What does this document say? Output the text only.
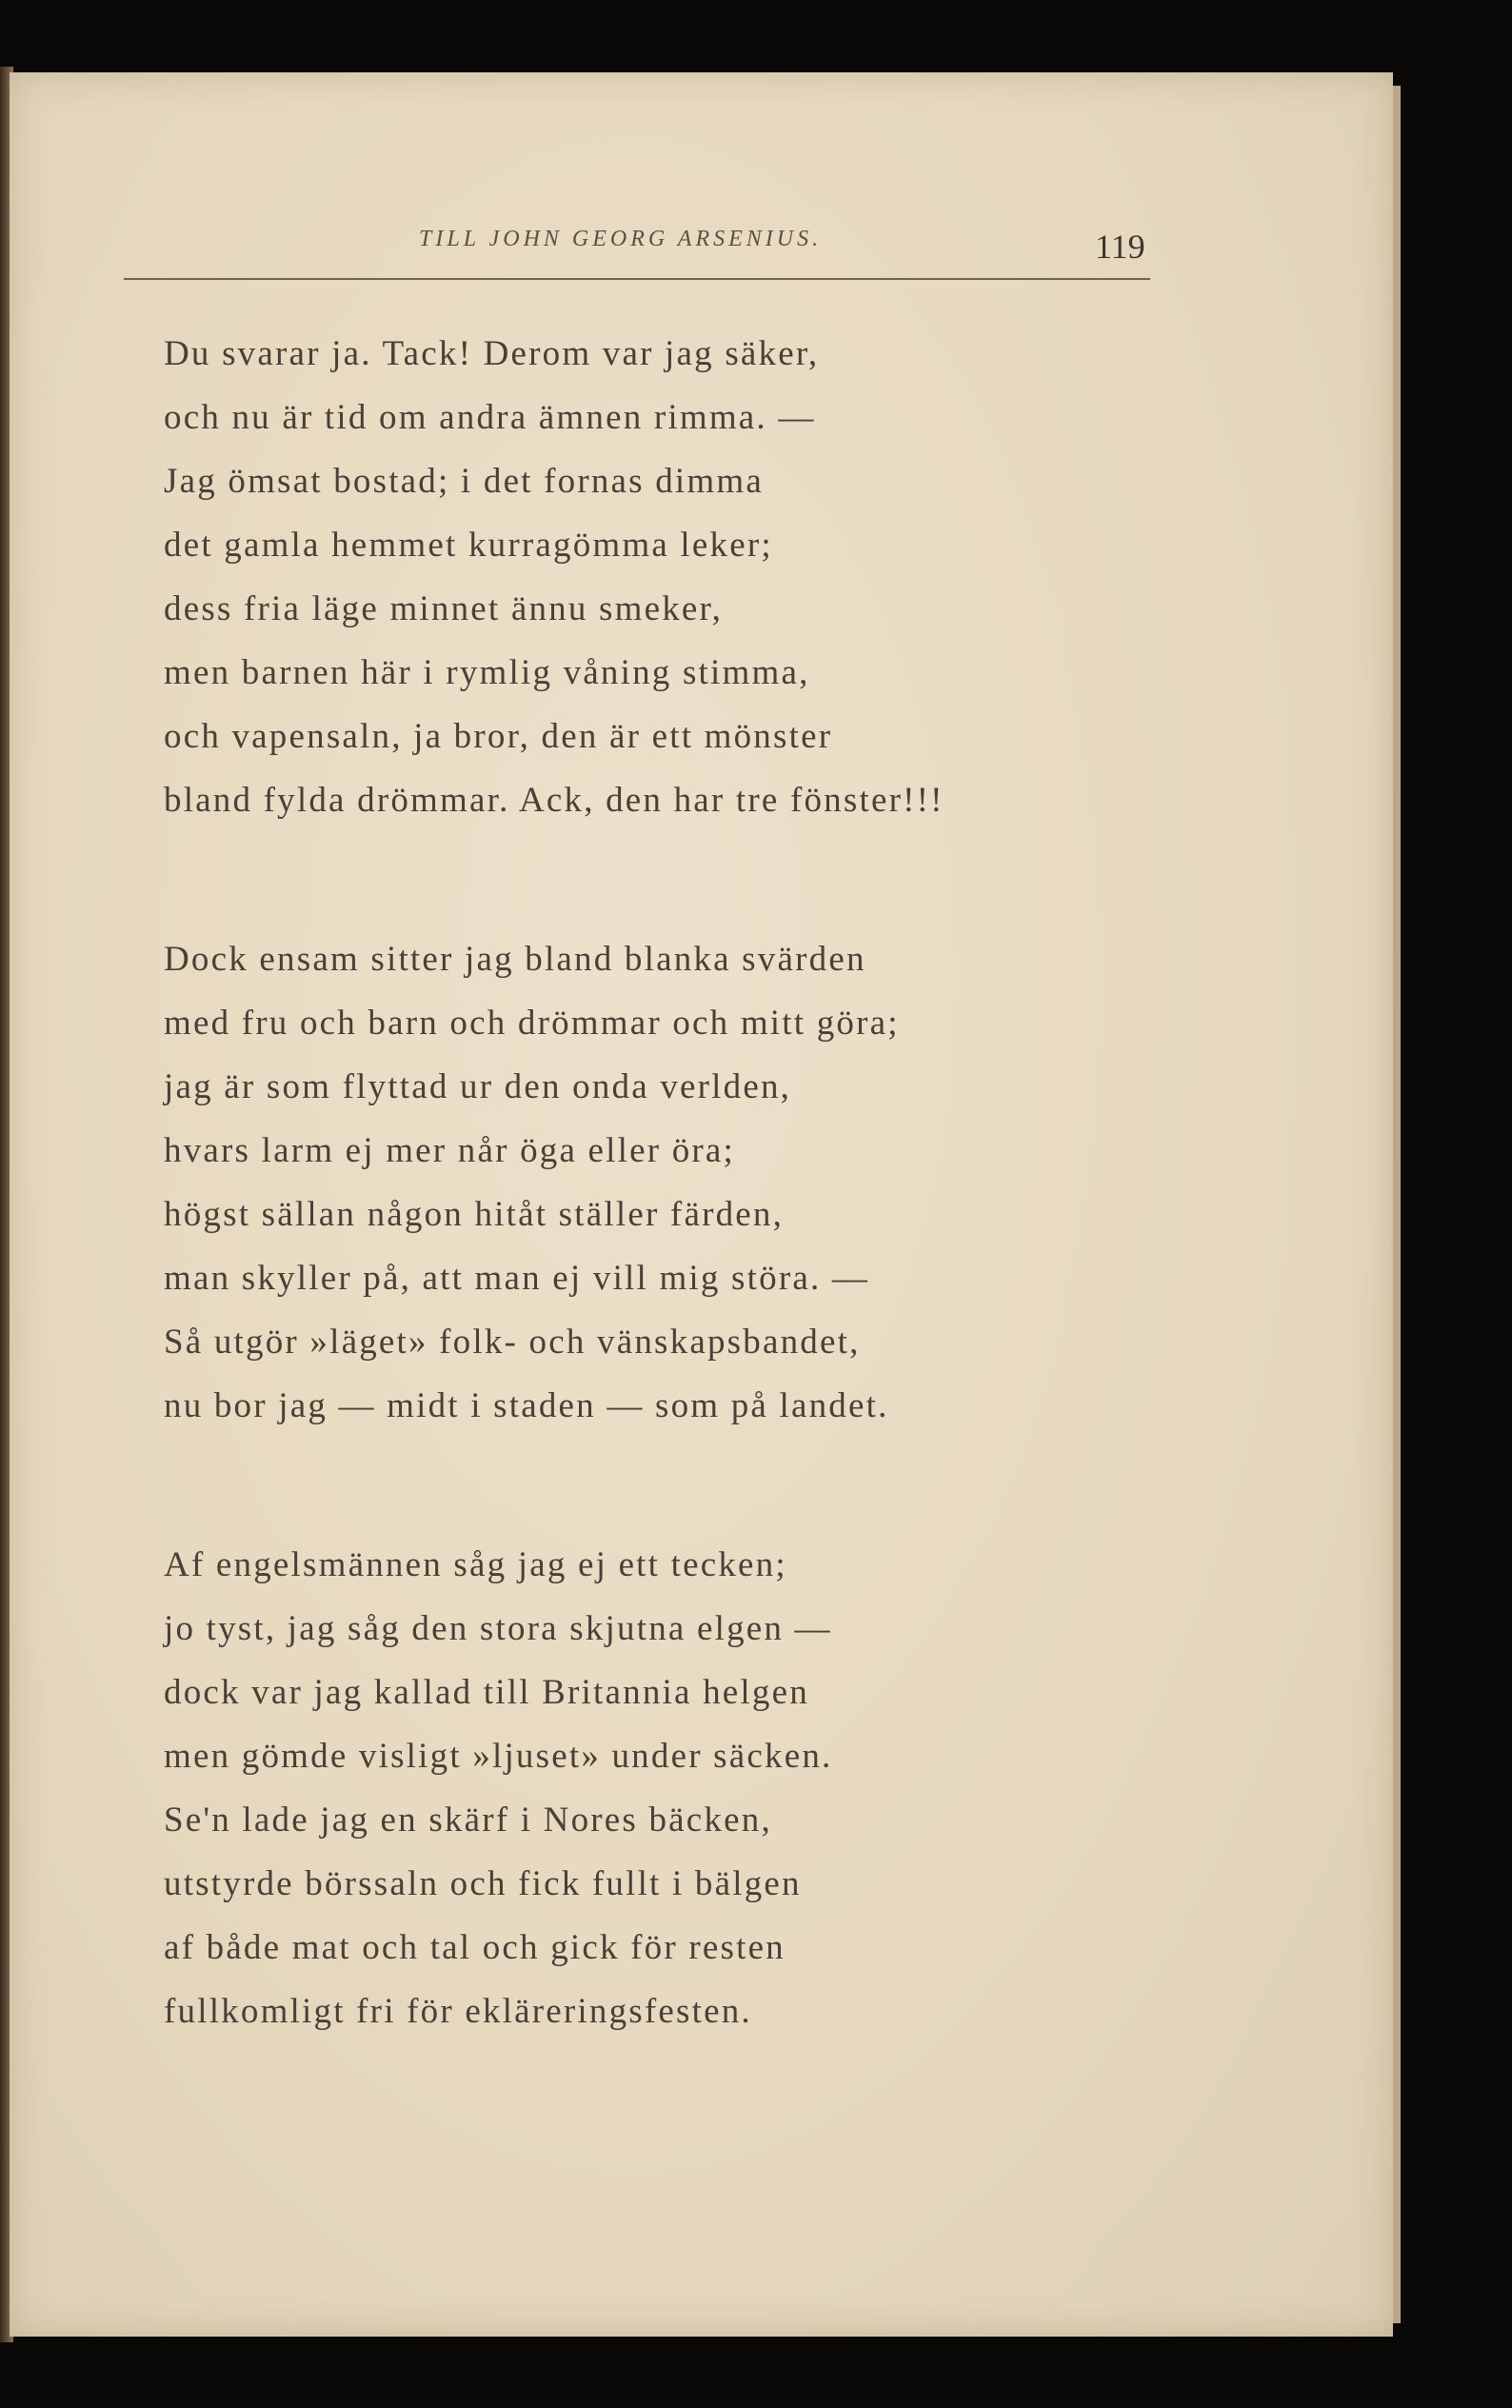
TILL JOHN GEORG ARSENIUS.	119
Du svarar ja. Tack! Derom var jag säker,
och nu är tid om andra ämnen rimma. —
Jag ömsat bostad; i det fornas dimma
det gamla hemmet kurragömma leker;
dess fria läge minnet ännu smeker,
men barnen här i rymlig våning stimma,
och vapensaln, ja bror, den är ett mönster
bland fylda drömmar. Ack, den har tre fönster!!!
Dock ensam sitter jag bland blanka svärden
med fru och barn och drömmar och mitt göra;
jag är som flyttad ur den onda verlden,
hvars larm ej mer når öga eller öra;
högst sällan någon hitåt ställer färden,
man skyller på, att man ej vill mig störa. —
Så utgör »läget» folk- och vänskapsbandet,
nu bor jag — midt i staden — som på landet.
Af engelsmännen såg jag ej ett tecken;
jo tyst, jag såg den stora skjutna elgen —
dock var jag kallad till Britannia helgen
men gömde visligt »ljuset» under säcken.
Se'n lade jag en skärf i Nores bäcken,
utstyrde börssaln och fick fullt i bälgen
af både mat och tal och gick för resten
fullkomligt fri för ekläreringsfesten.
